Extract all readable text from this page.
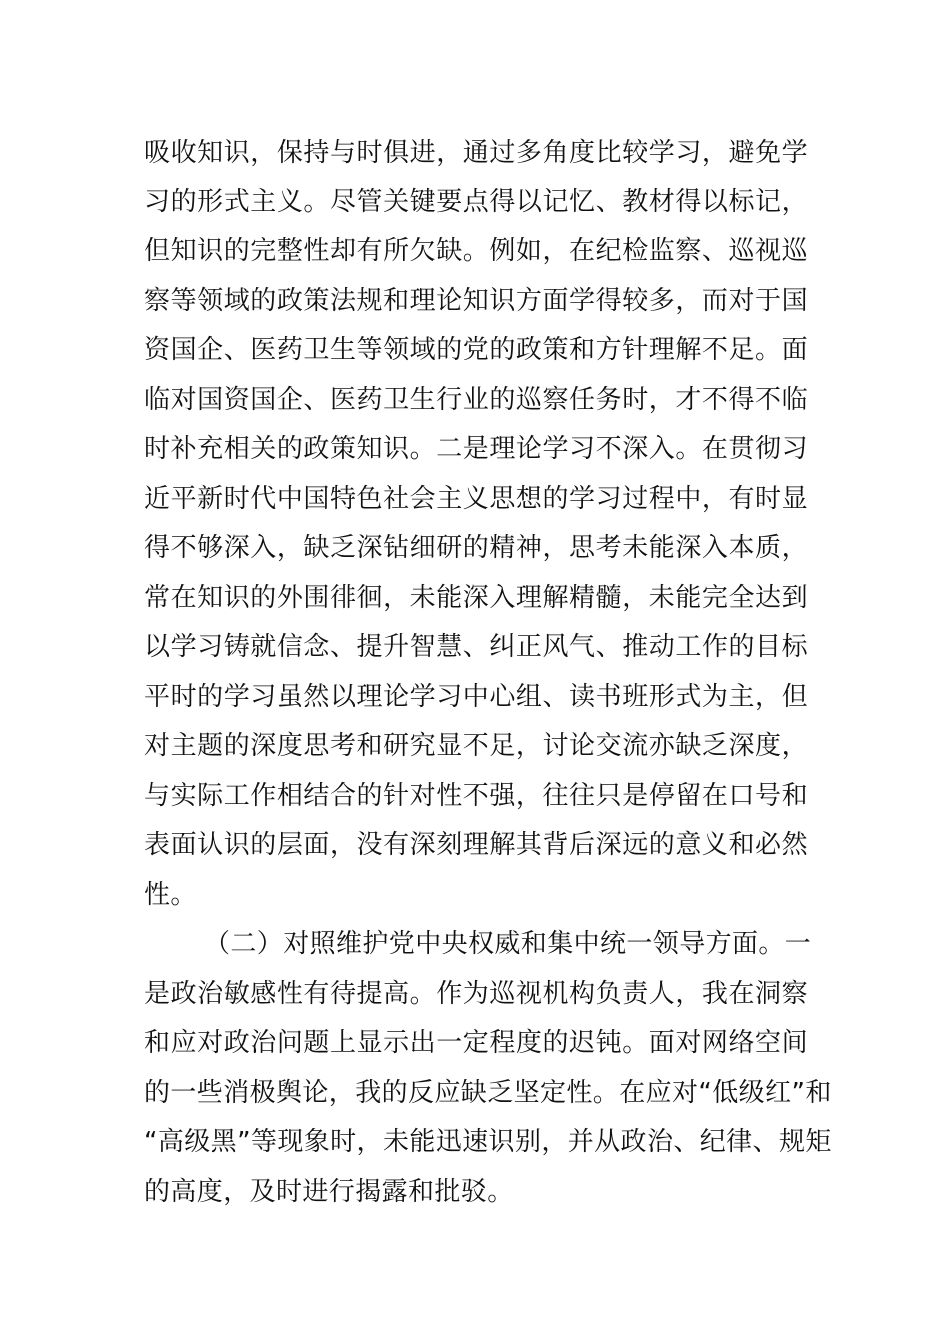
吸收知识，保持与时俱进，通过多角度比较学习，避免学
习的形式主义。尽管关键要点得以记忆、教材得以标记，
但知识的完整性却有所欠缺。例如，在纪检监察、巡视巡
察等领域的政策法规和理论知识方面学得较多，而对于国
资国企、医药卫生等领域的党的政策和方针理解不足。面
临对国资国企、医药卫生行业的巡察任务时，才不得不临
时补充相关的政策知识。二是理论学习不深入。在贯彻习
近平新时代中国特色社会主义思想的学习过程中，有时显
得不够深入，缺乏深钻细研的精神，思考未能深入本质，
常在知识的外围徘徊，未能深入理解精髓，未能完全达到
以学习铸就信念、提升智慧、纠正风气、推动工作的目标
平时的学习虽然以理论学习中心组、读书班形式为主，但
对主题的深度思考和研究显不足，讨论交流亦缺乏深度，
与实际工作相结合的针对性不强，往往只是停留在口号和
表面认识的层面，没有深刻理解其背后深远的意义和必然
性。
（二）对照维护党中央权威和集中统一领导方面。一
是政治敏感性有待提高。作为巡视机构负责人，我在洞察
和应对政治问题上显示出一定程度的迟钝。面对网络空间
的一些消极舆论，我的反应缺乏坚定性。在应对“低级红”和
“高级黑”等现象时，未能迅速识别，并从政治、纪律、规矩
的高度，及时进行揭露和批驳。
